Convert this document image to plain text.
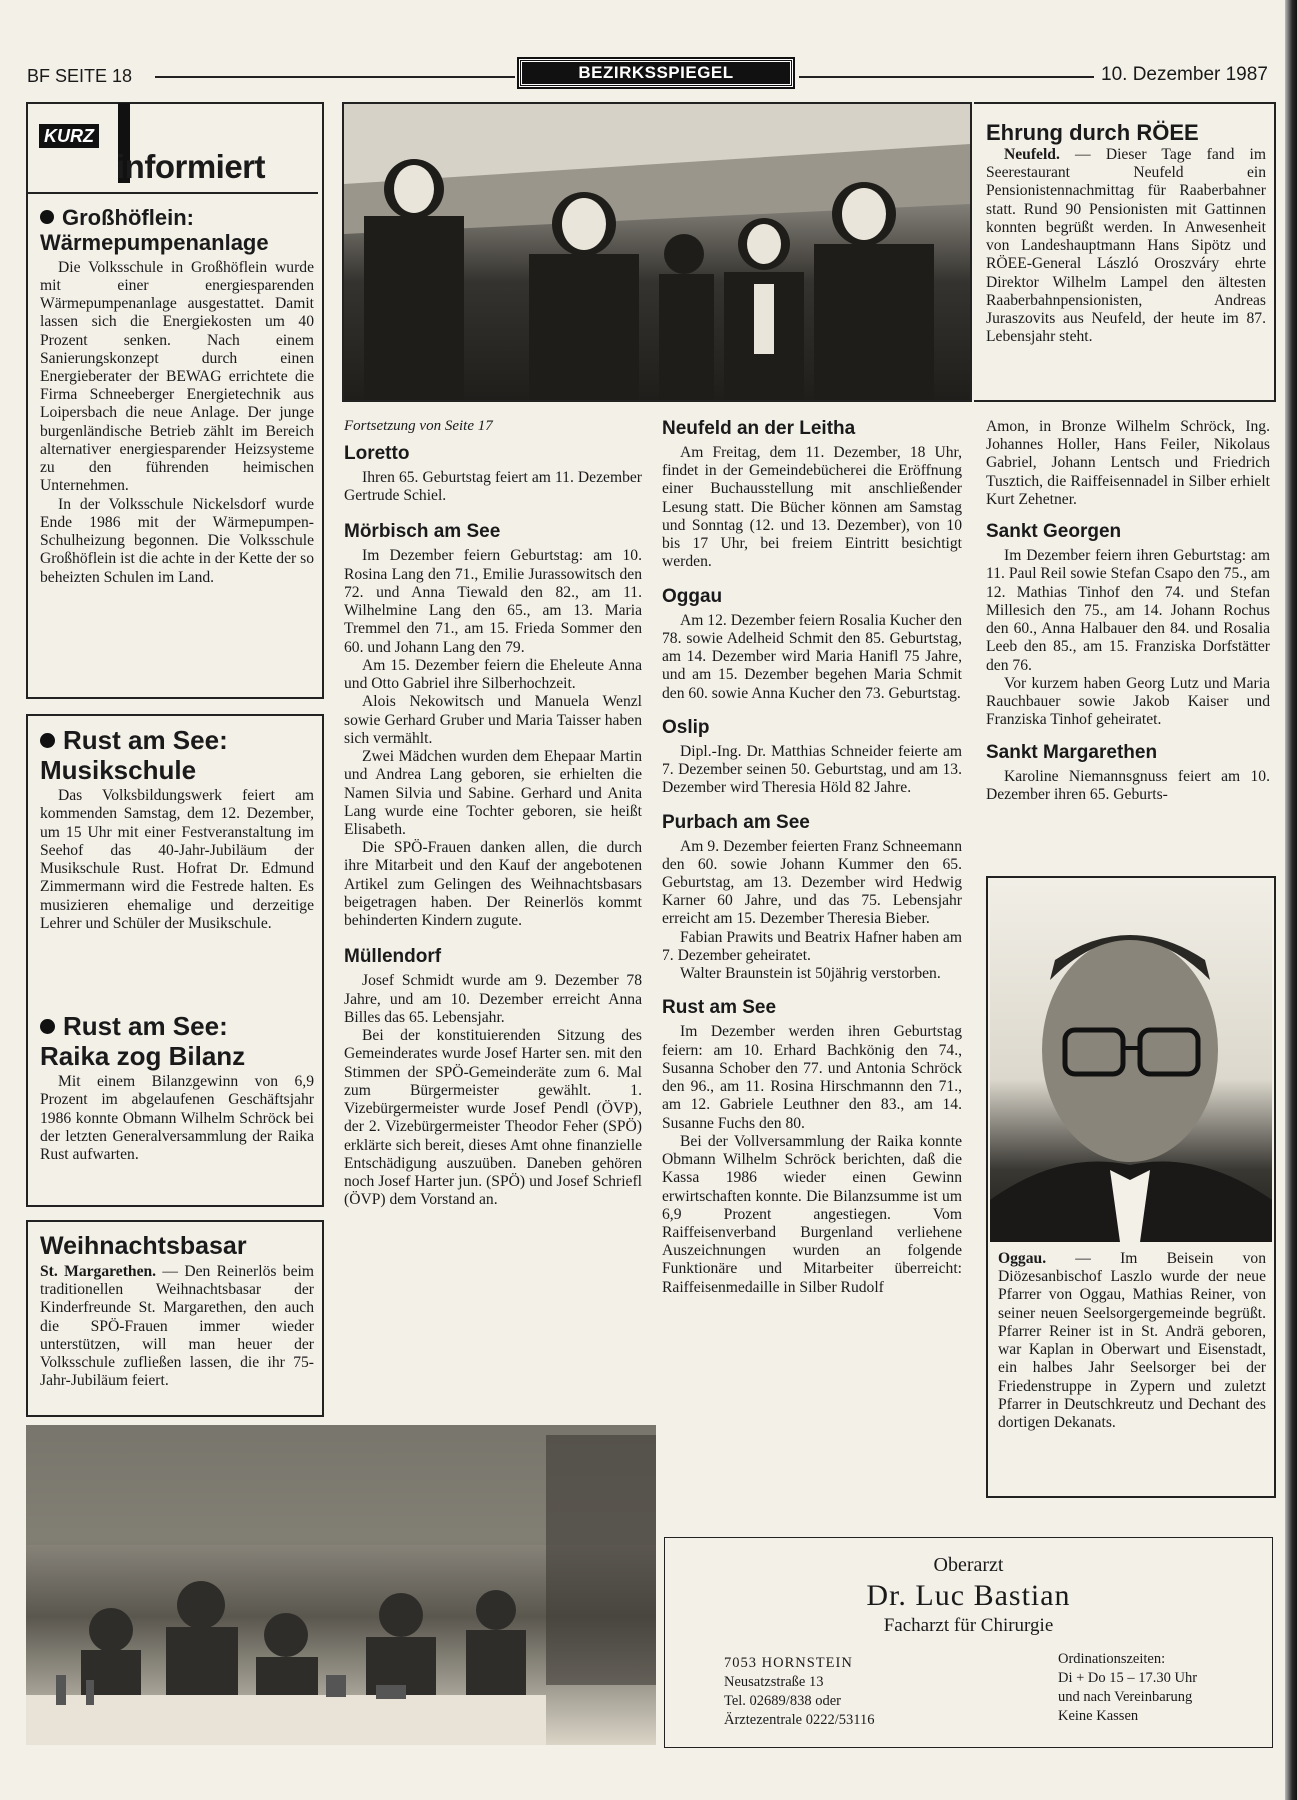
BF SEITE 18	BEZIRKSSPIEGEL	10. Dezember 1987
KURZ
informiert
Großhöflein:
Wärmepumpenanlage

Die Volksschule in Großhöflein wurde mit einer energiesparenden Wärmepumpenanlage ausgestattet. Damit lassen sich die Energiekosten um 40 Prozent senken. Nach einem Sanierungskonzept durch einen Energieberater der BEWAG errichtete die Firma Schneeberger Energietechnik aus Loipersbach die neue Anlage. Der junge burgenländische Betrieb zählt im Bereich alternativer energiesparender Heizsysteme zu den führenden heimischen Unternehmen.

In der Volksschule Nickelsdorf wurde Ende 1986 mit der Wärmepumpen-Schulheizung begonnen. Die Volksschule Großhöflein ist die achte in der Kette der so beheizten Schulen im Land.

Rust am See:
Musikschule

Das Volksbildungswerk feiert am kommenden Samstag, dem 12. Dezember, um 15 Uhr mit einer Festveranstaltung im Seehof das 40-Jahr-Jubiläum der Musikschule Rust. Hofrat Dr. Edmund Zimmermann wird die Festrede halten. Es musizieren ehemalige und derzeitige Lehrer und Schüler der Musikschule.

Rust am See:
Raika zog Bilanz

Mit einem Bilanzgewinn von 6,9 Prozent im abgelaufenen Geschäftsjahr 1986 konnte Obmann Wilhelm Schröck bei der letzten Generalversammlung der Raika Rust aufwarten.

Weihnachtsbasar

St. Margarethen. — Den Reinerlös beim traditionellen Weihnachtsbasar der Kinderfreunde St. Margarethen, den auch die SPÖ-Frauen immer wieder unterstützen, will man heuer der Volksschule zufließen lassen, die ihr 75-Jahr-Jubiläum feiert.

Ehrung durch RÖEE

Neufeld. — Dieser Tage fand im Seerestaurant Neufeld ein Pensionistennachmittag für Raaberbahner statt. Rund 90 Pensionisten mit Gattinnen konnten begrüßt werden. In Anwesenheit von Landeshauptmann Hans Sipötz und RÖEE-General László Oroszváry ehrte Direktor Wilhelm Lampel den ältesten Raaberbahnpensionisten, Andreas Juraszovits aus Neufeld, der heute im 87. Lebensjahr steht.

Fortsetzung von Seite 17

Loretto

Ihren 65. Geburtstag feiert am 11. Dezember Gertrude Schiel.

Mörbisch am See

Im Dezember feiern Geburtstag: am 10. Rosina Lang den 71., Emilie Jurassowitsch den 72. und Anna Tiewald den 82., am 11. Wilhelmine Lang den 65., am 13. Maria Tremmel den 71., am 15. Frieda Sommer den 60. und Johann Lang den 79.

Am 15. Dezember feiern die Eheleute Anna und Otto Gabriel ihre Silberhochzeit.

Alois Nekowitsch und Manuela Wenzl sowie Gerhard Gruber und Maria Taisser haben sich vermählt.

Zwei Mädchen wurden dem Ehepaar Martin und Andrea Lang geboren, sie erhielten die Namen Silvia und Sabine. Gerhard und Anita Lang wurde eine Tochter geboren, sie heißt Elisabeth.

Die SPÖ-Frauen danken allen, die durch ihre Mitarbeit und den Kauf der angebotenen Artikel zum Gelingen des Weihnachtsbasars beigetragen haben. Der Reinerlös kommt behinderten Kindern zugute.

Müllendorf

Josef Schmidt wurde am 9. Dezember 78 Jahre, und am 10. Dezember erreicht Anna Billes das 65. Lebensjahr.

Bei der konstituierenden Sitzung des Gemeinderates wurde Josef Harter sen. mit den Stimmen der SPÖ-Gemeinderäte zum 6. Mal zum Bürgermeister gewählt. 1. Vizebürgermeister wurde Josef Pendl (ÖVP), der 2. Vizebürgermeister Theodor Feher (SPÖ) erklärte sich bereit, dieses Amt ohne finanzielle Entschädigung auszuüben. Daneben gehören noch Josef Harter jun. (SPÖ) und Josef Schriefl (ÖVP) dem Vorstand an.

Neufeld an der Leitha

Am Freitag, dem 11. Dezember, 18 Uhr, findet in der Gemeindebücherei die Eröffnung einer Buchausstellung mit anschließender Lesung statt. Die Bücher können am Samstag und Sonntag (12. und 13. Dezember), von 10 bis 17 Uhr, bei freiem Eintritt besichtigt werden.

Oggau

Am 12. Dezember feiern Rosalia Kucher den 78. sowie Adelheid Schmit den 85. Geburtstag, am 14. Dezember wird Maria Hanifl 75 Jahre, und am 15. Dezember begehen Maria Schmit den 60. sowie Anna Kucher den 73. Geburtstag.

Oslip

Dipl.-Ing. Dr. Matthias Schneider feierte am 7. Dezember seinen 50. Geburtstag, und am 13. Dezember wird Theresia Höld 82 Jahre.

Purbach am See

Am 9. Dezember feierten Franz Schneemann den 60. sowie Johann Kummer den 65. Geburtstag, am 13. Dezember wird Hedwig Karner 60 Jahre, und das 75. Lebensjahr erreicht am 15. Dezember Theresia Bieber.

Fabian Prawits und Beatrix Hafner haben am 7. Dezember geheiratet.

Walter Braunstein ist 50jährig verstorben.

Rust am See

Im Dezember werden ihren Geburtstag feiern: am 10. Erhard Bachkönig den 74., Susanna Schober den 77. und Antonia Schröck den 96., am 11. Rosina Hirschmannn den 71., am 12. Gabriele Leuthner den 83., am 14. Susanne Fuchs den 80.

Bei der Vollversammlung der Raika konnte Obmann Wilhelm Schröck berichten, daß die Kassa 1986 wieder einen Gewinn erwirtschaften konnte. Die Bilanzsumme ist um 6,9 Prozent angestiegen. Vom Raiffeisenverband Burgenland verliehene Auszeichnungen wurden an folgende Funktionäre und Mitarbeiter überreicht: Raiffeisenmedaille in Silber Rudolf

Amon, in Bronze Wilhelm Schröck, Ing. Johannes Holler, Hans Feiler, Nikolaus Gabriel, Johann Lentsch und Friedrich Tusztich, die Raiffeisennadel in Silber erhielt Kurt Zehetner.

Sankt Georgen

Im Dezember feiern ihren Geburtstag: am 11. Paul Reil sowie Stefan Csapo den 75., am 12. Mathias Tinhof den 74. und Stefan Millesich den 75., am 14. Johann Rochus den 60., Anna Halbauer den 84. und Rosalia Leeb den 85., am 15. Franziska Dorfstätter den 76.

Vor kurzem haben Georg Lutz und Maria Rauchbauer sowie Jakob Kaiser und Franziska Tinhof geheiratet.

Sankt Margarethen

Karoline Niemannsgnuss feiert am 10. Dezember ihren 65. Geburts-

Oggau. — Im Beisein von Diözesanbischof Laszlo wurde der neue Pfarrer von Oggau, Mathias Reiner, von seiner neuen Seelsorgergemeinde begrüßt. Pfarrer Reiner ist in St. Andrä geboren, war Kaplan in Oberwart und Eisenstadt, ein halbes Jahr Seelsorger bei der Friedenstruppe in Zypern und zuletzt Pfarrer in Deutschkreutz und Dechant des dortigen Dekanats.

Oberarzt
Dr. Luc Bastian
Facharzt für Chirurgie
7053 HORNSTEIN
Neusatzstraße 13
Tel. 02689/838 oder
Ärztezentrale 0222/53116
Ordinationszeiten:
Di + Do 15 – 17.30 Uhr
und nach Vereinbarung
Keine Kassen
